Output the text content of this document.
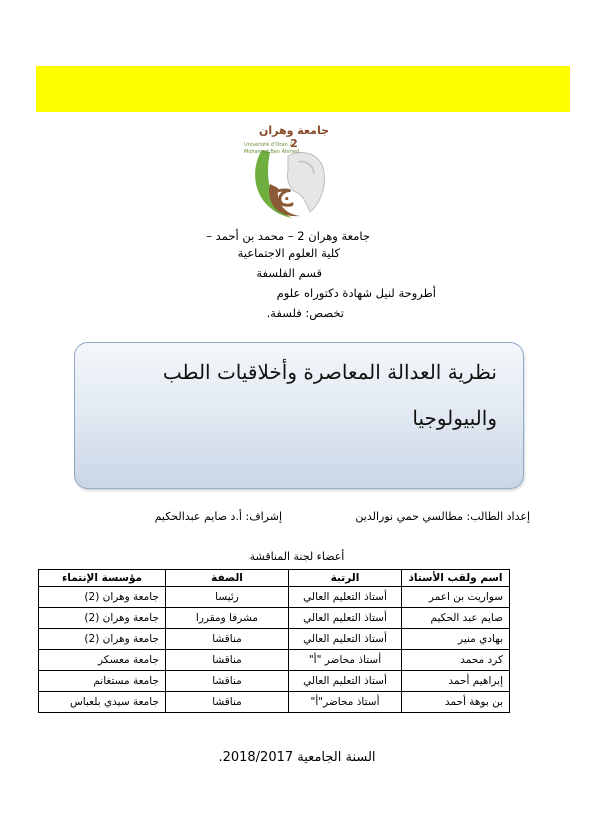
ج
جامعة وهران 2
Université d'Oran 2
Mohamed Ben Ahmed
جامعة وهران 2 – محمد بن أحمد –
كلية العلوم الاجتماعية
قسم الفلسفة
أطروحة لنيل شهادة دكتوراه علوم
تخصص: فلسفة.
نظرية العدالة المعاصرة وأخلاقيات الطب
والبيولوجيا
إعداد الطالب: مطالسي حمي نورالدين
إشراف: أ.د صايم عبدالحكيم
أعضاء لجنة المناقشة
اسم ولقب الأستاذ	الرتبة	الصفة	مؤسسة الإنتماء
سواريت بن اعمر	أستاذ التعليم العالي	رئيسا	جامعة وهران (2)
صايم عبد الحكيم	أستاذ التعليم العالي	مشرفا ومقررا	جامعة وهران (2)
بهادي منير	أستاذ التعليم العالي	مناقشا	جامعة وهران (2)
كرد محمد	أستاذ محاضر "أ"	مناقشا	جامعة معسكر
إبراهيم أحمد	أستاذ التعليم العالي	مناقشا	جامعة مستغانم
بن بوهة أحمد	أستاذ محاضر"أ"	مناقشا	جامعة سيدي بلعباس
السنة الجامعية 2018/2017.
